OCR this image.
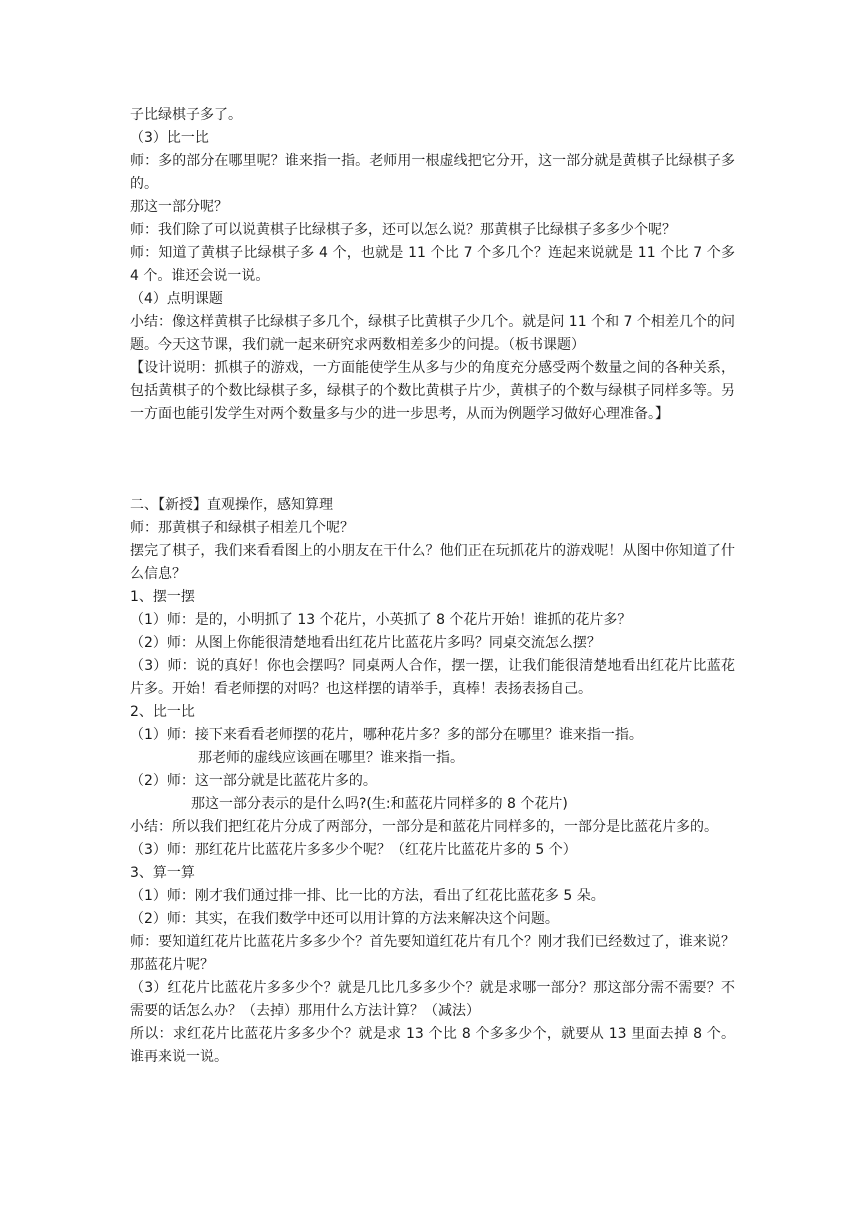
子比绿棋子多了。

（3）比一比

师：多的部分在哪里呢？谁来指一指。老师用一根虚线把它分开，这一部分就是黄棋子比绿棋子多的。

那这一部分呢？

师：我们除了可以说黄棋子比绿棋子多，还可以怎么说？那黄棋子比绿棋子多多少个呢？

师：知道了黄棋子比绿棋子多 4 个，也就是 11 个比 7 个多几个？连起来说就是 11 个比 7 个多 4 个。谁还会说一说。

（4）点明课题

小结：像这样黄棋子比绿棋子多几个，绿棋子比黄棋子少几个。就是问 11 个和 7 个相差几个的问题。今天这节课，我们就一起来研究求两数相差多少的问提。（板书课题）

【设计说明：抓棋子的游戏，一方面能使学生从多与少的角度充分感受两个数量之间的各种关系，包括黄棋子的个数比绿棋子多，绿棋子的个数比黄棋子片少，黄棋子的个数与绿棋子同样多等。另一方面也能引发学生对两个数量多与少的进一步思考，从而为例题学习做好心理准备。】

二、【新授】直观操作，感知算理

师：那黄棋子和绿棋子相差几个呢？

摆完了棋子，我们来看看图上的小朋友在干什么？他们正在玩抓花片的游戏呢！从图中你知道了什么信息？

1、摆一摆

（1）师：是的，小明抓了 13 个花片，小英抓了 8 个花片开始！谁抓的花片多？

（2）师：从图上你能很清楚地看出红花片比蓝花片多吗？同桌交流怎么摆？

（3）师：说的真好！你也会摆吗？同桌两人合作，摆一摆，让我们能很清楚地看出红花片比蓝花片多。开始！看老师摆的对吗？也这样摆的请举手，真棒！表扬表扬自己。

2、比一比

（1）师：接下来看看老师摆的花片，哪种花片多？多的部分在哪里？谁来指一指。

那老师的虚线应该画在哪里？谁来指一指。

（2）师：这一部分就是比蓝花片多的。

那这一部分表示的是什么吗?(生:和蓝花片同样多的 8 个花片)

小结：所以我们把红花片分成了两部分，一部分是和蓝花片同样多的，一部分是比蓝花片多的。

（3）师：那红花片比蓝花片多多少个呢？（红花片比蓝花片多的 5 个）

3、算一算

（1）师：刚才我们通过排一排、比一比的方法，看出了红花比蓝花多 5 朵。

（2）师：其实，在我们数学中还可以用计算的方法来解决这个问题。

师：要知道红花片比蓝花片多多少个？首先要知道红花片有几个？刚才我们已经数过了，谁来说？那蓝花片呢？

（3）红花片比蓝花片多多少个？就是几比几多多少个？就是求哪一部分？那这部分需不需要？不需要的话怎么办？（去掉）那用什么方法计算？（减法）

所以：求红花片比蓝花片多多少个？就是求 13 个比 8 个多多少个，就要从 13 里面去掉 8 个。谁再来说一说。
